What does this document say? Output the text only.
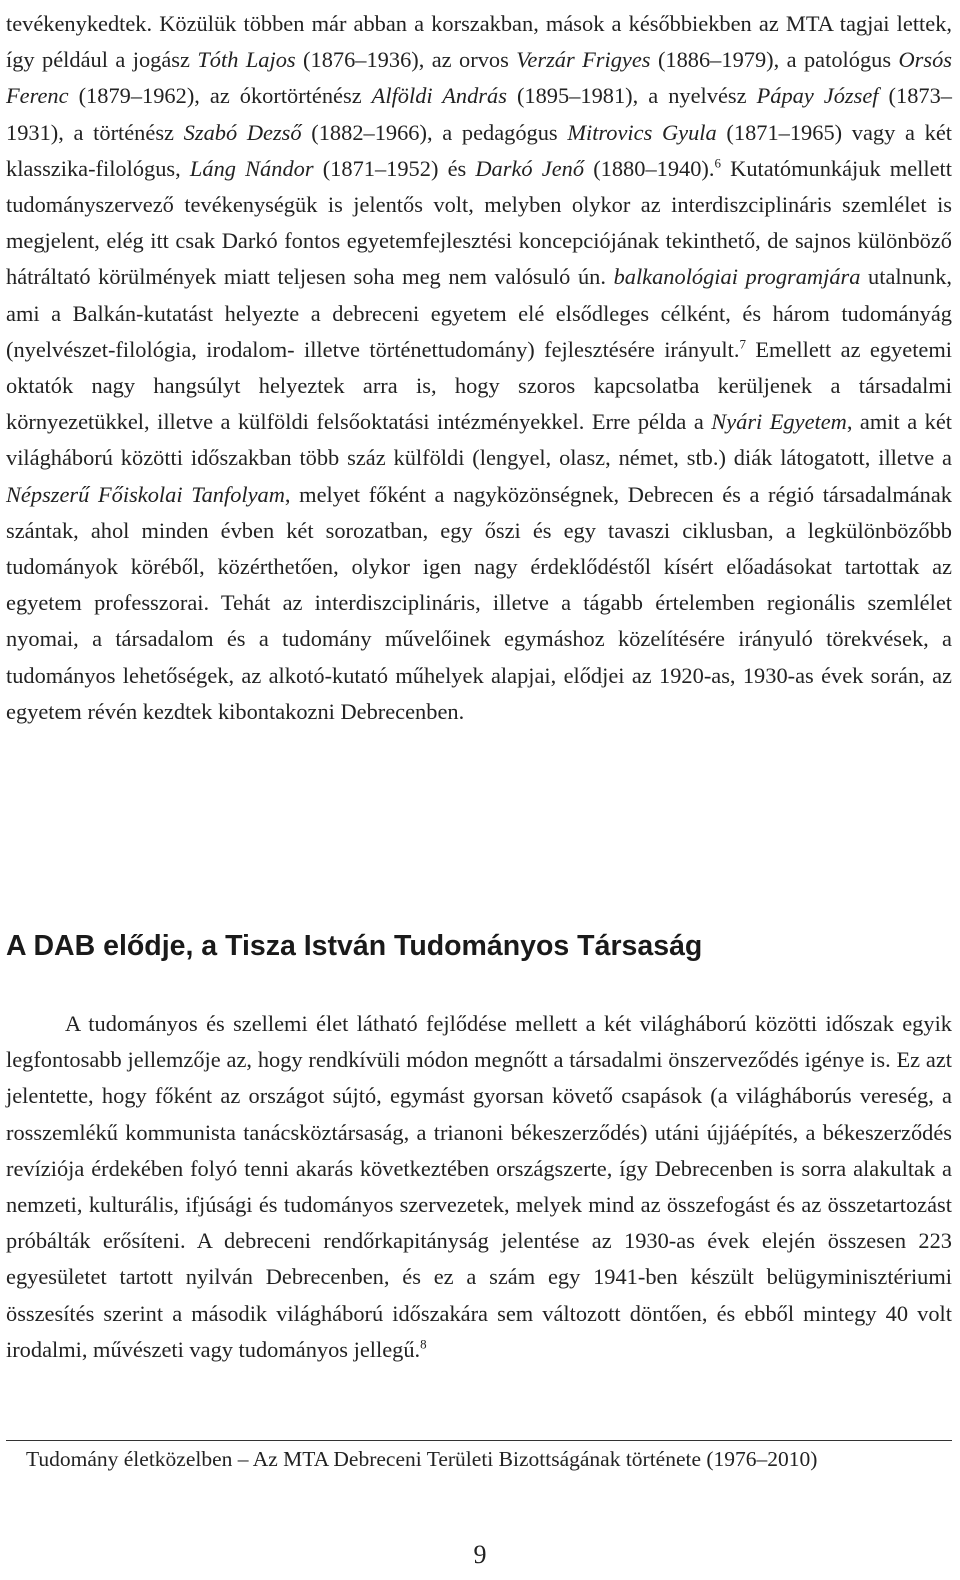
tevékenykedtek. Közülük többen már abban a korszakban, mások a későbbiekben az MTA tagjai lettek, így például a jogász Tóth Lajos (1876–1936), az orvos Verzár Frigyes (1886–1979), a patológus Orsós Ferenc (1879–1962), az ókortörténész Alföldi András (1895–1981), a nyelvész Pápay József (1873–1931), a történész Szabó Dezső (1882–1966), a pedagógus Mitrovics Gyula (1871–1965) vagy a két klasszika-filológus, Láng Nándor (1871–1952) és Darkó Jenő (1880–1940).$^6$ Kutatómunkájuk mellett tudományszervező tevékenységük is jelentős volt, melyben olykor az interdiszciplináris szemlélet is megjelent, elég itt csak Darkó fontos egyetemfejlesztési koncepciójának tekinthető, de sajnos különböző hátráltató körülmények miatt teljesen soha meg nem valósuló ún. balkanológiai programjára utalnunk, ami a Balkán-kutatást helyezte a debreceni egyetem elé elsődleges célként, és három tudományág (nyelvészet-filológia, irodalom- illetve történettudomány) fejlesztésére irányult.$^7$ Emellett az egyetemi oktatók nagy hangsúlyt helyeztek arra is, hogy szoros kapcsolatba kerüljenek a társadalmi környezetükkel, illetve a külföldi felsőoktatási intézményekkel. Erre példa a Nyári Egyetem, amit a két világháború közötti időszakban több száz külföldi (lengyel, olasz, német, stb.) diák látogatott, illetve a Népszerű Főiskolai Tanfolyam, melyet főként a nagyközönségnek, Debrecen és a régió társadalmának szántak, ahol minden évben két sorozatban, egy őszi és egy tavaszi ciklusban, a legkülönbözőbb tudományok köréből, közérthetően, olykor igen nagy érdeklődéstől kísért előadásokat tartottak az egyetem professzorai. Tehát az interdiszciplináris, illetve a tágabb értelemben regionális szemlélet nyomai, a társadalom és a tudomány művelőinek egymáshoz közelítésére irányuló törekvések, a tudományos lehetőségek, az alkotó-kutató műhelyek alapjai, elődjei az 1920-as, 1930-as évek során, az egyetem révén kezdtek kibontakozni Debrecenben.

A DAB elődje, a Tisza István Tudományos Társaság

A tudományos és szellemi élet látható fejlődése mellett a két világháború közötti időszak egyik legfontosabb jellemzője az, hogy rendkívüli módon megnőtt a társadalmi önszerveződés igénye is. Ez azt jelentette, hogy főként az országot sújtó, egymást gyorsan követő csapások (a világháborús vereség, a rosszemlékű kommunista tanácsköztársaság, a trianoni békeszerződés) utáni újjáépítés, a békeszerződés revíziója érdekében folyó tenni akarás következtében országszerte, így Debrecenben is sorra alakultak a nemzeti, kulturális, ifjúsági és tudományos szervezetek, melyek mind az összefogást és az összetartozást próbálták erősíteni. A debreceni rendőrkapitányság jelentése az 1930-as évek elején összesen 223 egyesületet tartott nyilván Debrecenben, és ez a szám egy 1941-ben készült belügyminisztériumi összesítés szerint a második világháború időszakára sem változott döntően, és ebből mintegy 40 volt irodalmi, művészeti vagy tudományos jellegű.$^8$

Tudomány életközelben – Az MTA Debreceni Területi Bizottságának története (1976–2010)

9
